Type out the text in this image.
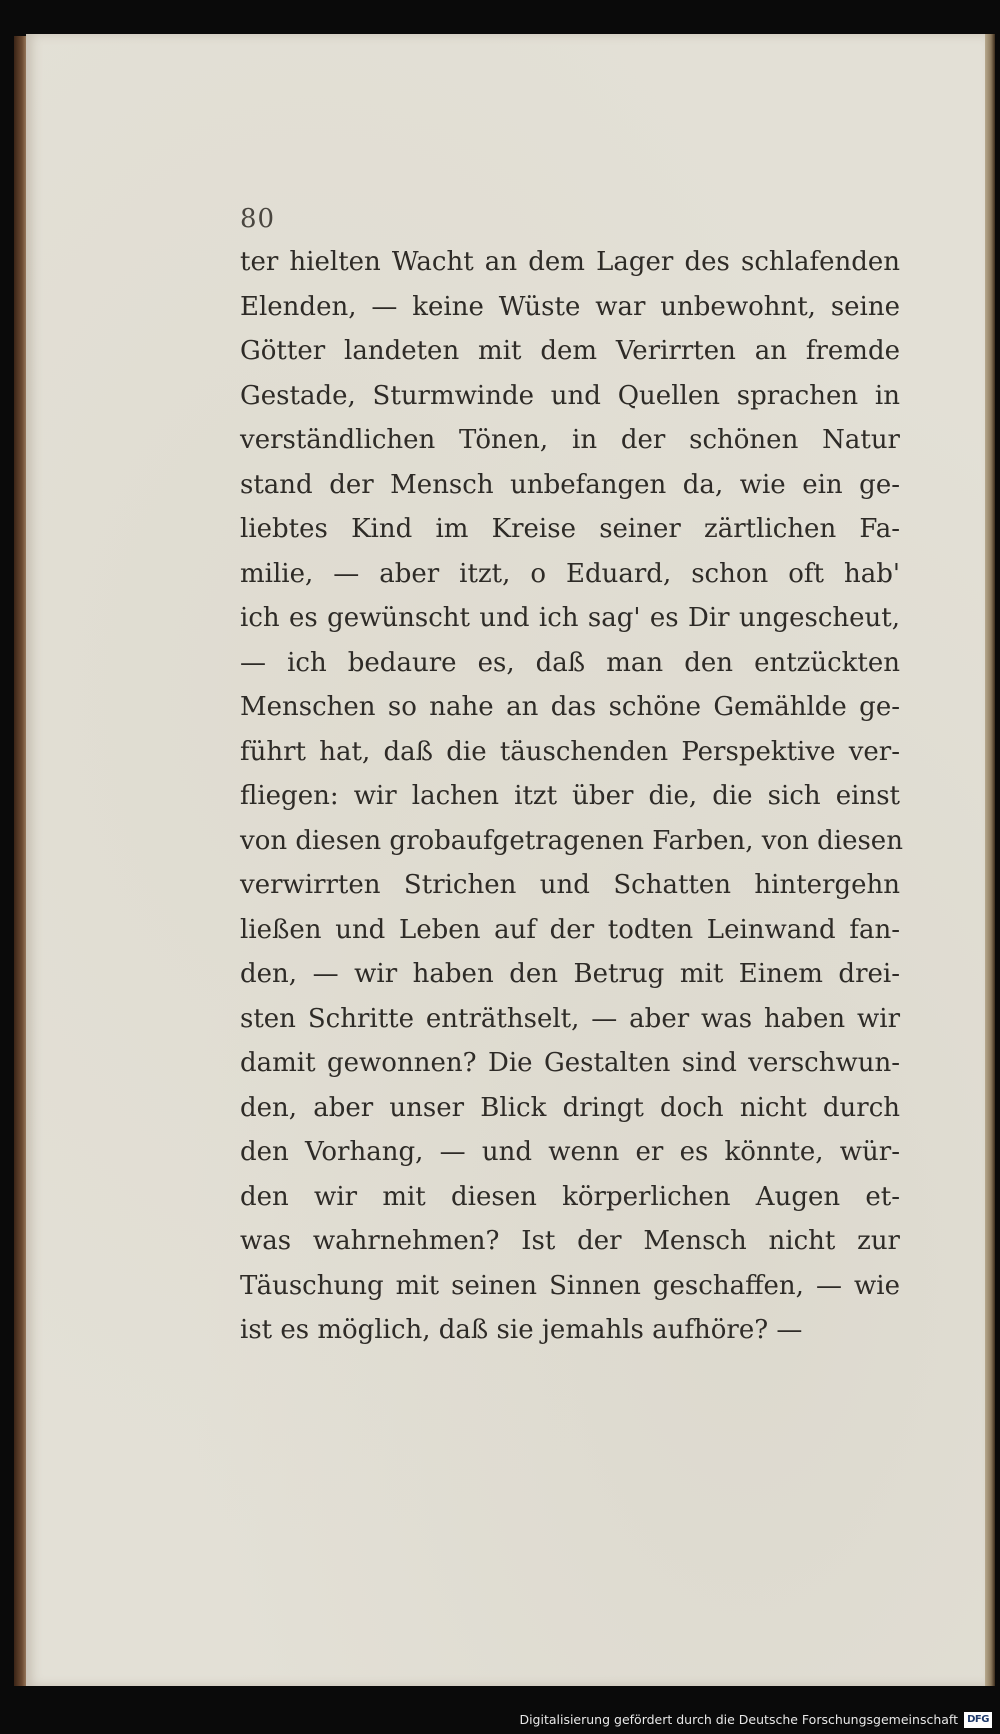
80
ter hielten Wacht an dem Lager des schlafenden
Elenden, — keine Wüste war unbewohnt, seine
Götter landeten mit dem Verirrten an fremde
Gestade, Sturmwinde und Quellen sprachen in
verständlichen Tönen, in der schönen Natur
stand der Mensch unbefangen da, wie ein ge-
liebtes Kind im Kreise seiner zärtlichen Fa-
milie, — aber itzt, o Eduard, schon oft hab'
ich es gewünscht und ich sag' es Dir ungescheut,
— ich bedaure es, daß man den entzückten
Menschen so nahe an das schöne Gemählde ge-
führt hat, daß die täuschenden Perspektive ver-
fliegen: wir lachen itzt über die, die sich einst
von diesen grobaufgetragenen Farben, von diesen
verwirrten Strichen und Schatten hintergehn
ließen und Leben auf der todten Leinwand fan-
den, — wir haben den Betrug mit Einem drei-
sten Schritte enträthselt, — aber was haben wir
damit gewonnen? Die Gestalten sind verschwun-
den, aber unser Blick dringt doch nicht durch
den Vorhang, — und wenn er es könnte, wür-
den wir mit diesen körperlichen Augen et-
was wahrnehmen? Ist der Mensch nicht zur
Täuschung mit seinen Sinnen geschaffen, — wie
ist es möglich, daß sie jemahls aufhöre? —
Digitalisierung gefördert durch die Deutsche Forschungsgemeinschaft DFG
